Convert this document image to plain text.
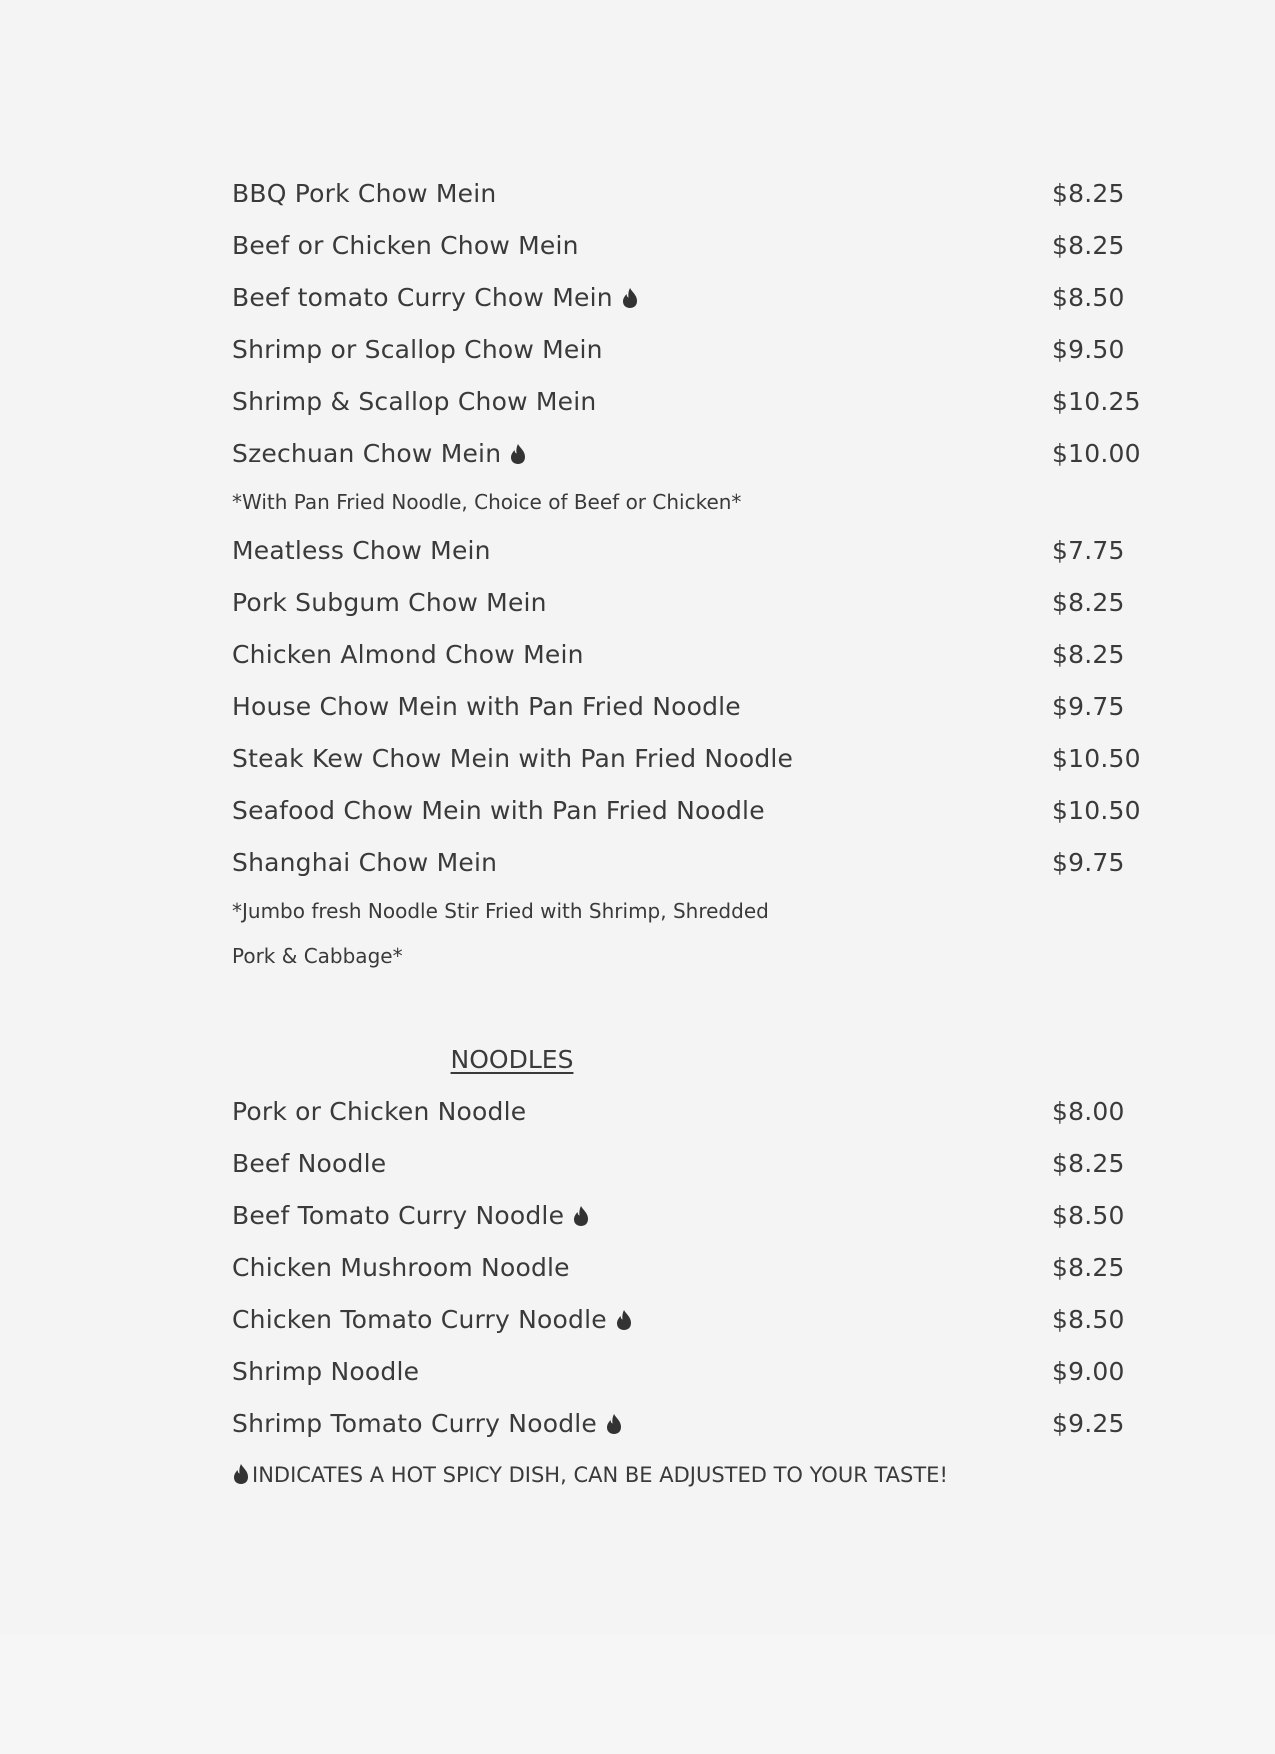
BBQ Pork Chow Mein	$8.25
Beef or Chicken Chow Mein	$8.25
Beef tomato Curry Chow Mein	$8.50
Shrimp or Scallop Chow Mein	$9.50
Shrimp & Scallop Chow Mein	$10.25
Szechuan Chow Mein	$10.00
*With Pan Fried Noodle, Choice of Beef or Chicken*
Meatless Chow Mein	$7.75
Pork Subgum Chow Mein	$8.25
Chicken Almond Chow Mein	$8.25
House Chow Mein with Pan Fried Noodle	$9.75
Steak Kew Chow Mein with Pan Fried Noodle	$10.50
Seafood Chow Mein with Pan Fried Noodle	$10.50
Shanghai Chow Mein	$9.75
*Jumbo fresh Noodle Stir Fried with Shrimp, Shredded
Pork & Cabbage*
NOODLES
Pork or Chicken Noodle	$8.00
Beef Noodle	$8.25
Beef Tomato Curry Noodle	$8.50
Chicken Mushroom Noodle	$8.25
Chicken Tomato Curry Noodle	$8.50
Shrimp Noodle	$9.00
Shrimp Tomato Curry Noodle	$9.25
INDICATES A HOT SPICY DISH, CAN BE ADJUSTED TO YOUR TASTE!
